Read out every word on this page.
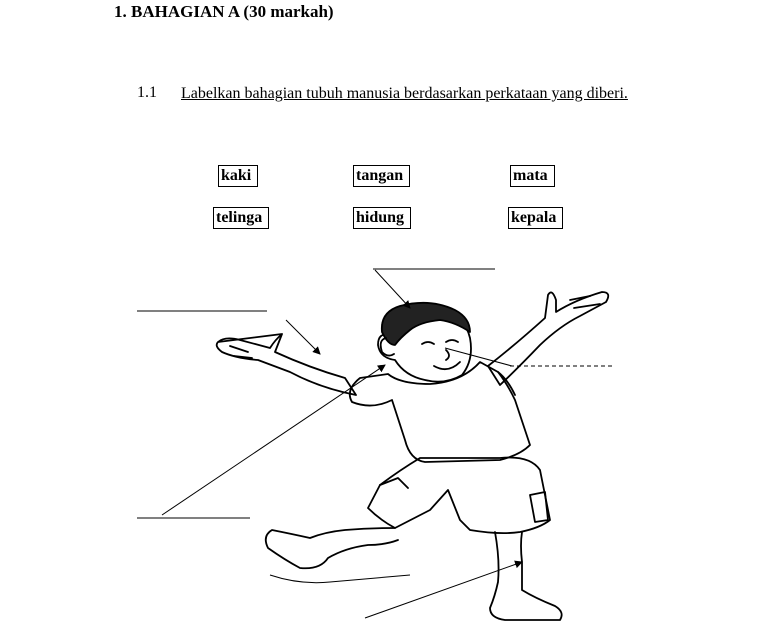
1. BAHAGIAN A (30 markah)
1.1 Labelkan bahagian tubuh manusia berdasarkan perkataan yang diberi.
kaki	tangan	mata
telinga	hidung	kepala
